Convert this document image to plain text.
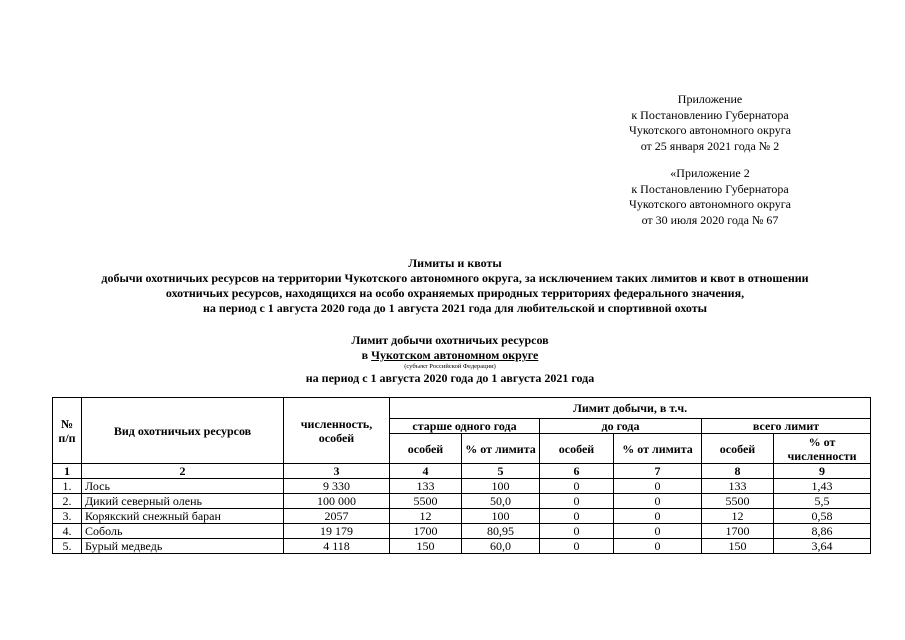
Приложение
к Постановлению Губернатора
Чукотского автономного округа
от 25 января 2021 года № 2
«Приложение 2
к Постановлению Губернатора
Чукотского автономного округа
от 30 июля 2020 года № 67
Лимиты и квоты
добычи охотничьих ресурсов на территории Чукотского автономного округа, за исключением таких лимитов и квот в отношении
охотничьих ресурсов, находящихся на особо охраняемых природных территориях федерального значения,
на период с 1 августа 2020 года до 1 августа 2021 года для любительской и спортивной охоты
Лимит добычи охотничьих ресурсов
в Чукотском автономном округе
(субъект Российской Федерации)
на период с 1 августа 2020 года до 1 августа 2021 года
№ п/п	Вид охотничьих ресурсов	численность, особей	Лимит добычи, в т.ч.					
			старше одного года		до года		всего лимит	
			особей	% от лимита	особей	% от лимита	особей	% от численности
1	2	3	4	5	6	7	8	9
1.	Лось	9 330	133	100	0	0	133	1,43
2.	Дикий северный олень	100 000	5500	50,0	0	0	5500	5,5
3.	Корякский снежный баран	2057	12	100	0	0	12	0,58
4.	Соболь	19 179	1700	80,95	0	0	1700	8,86
5.	Бурый медведь	4 118	150	60,0	0	0	150	3,64
